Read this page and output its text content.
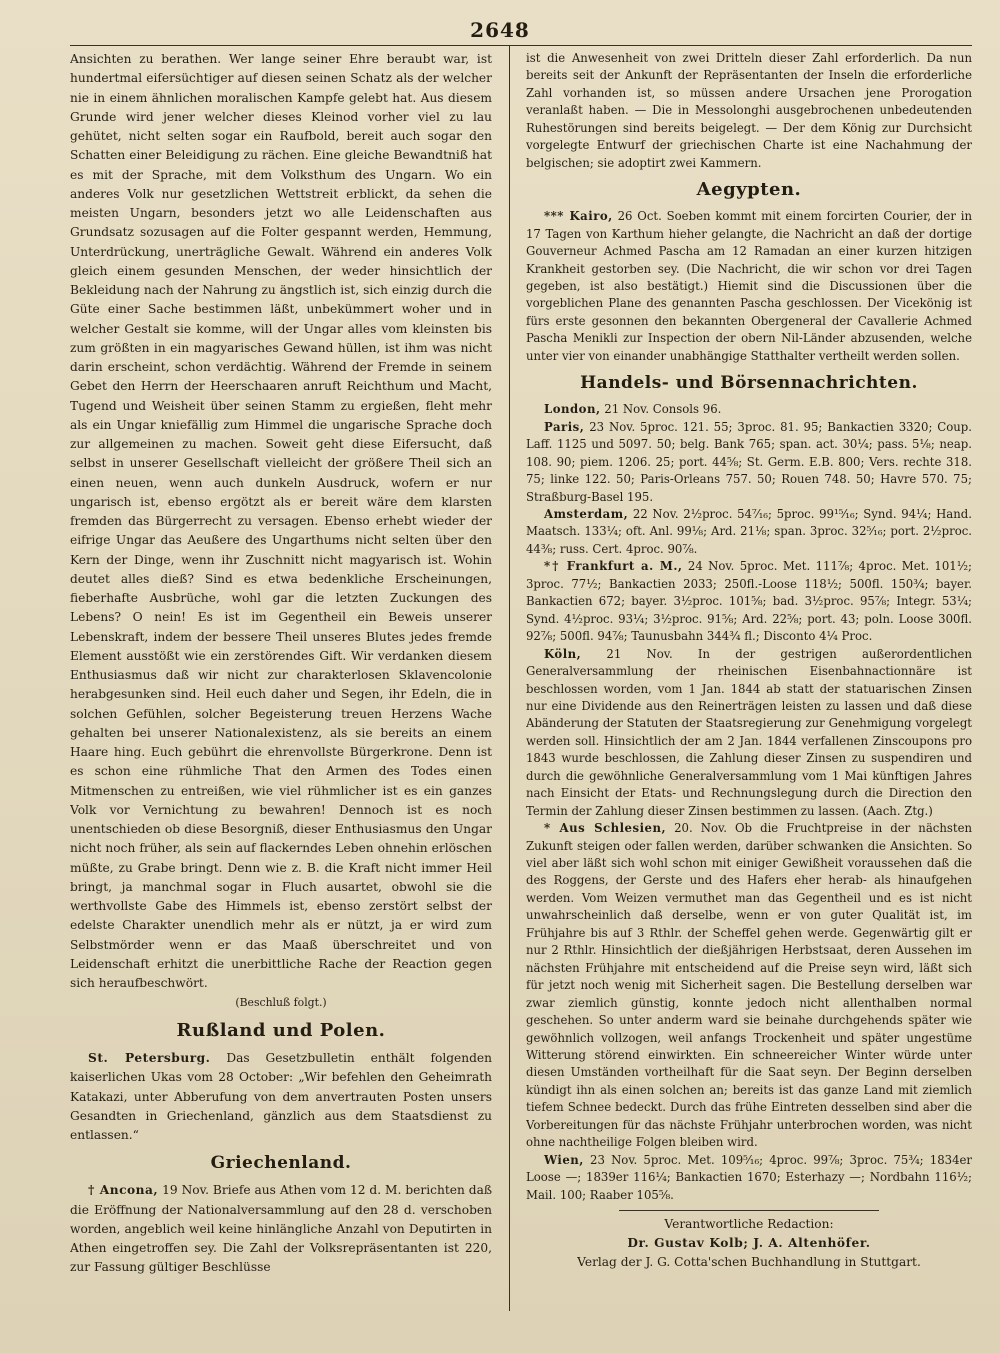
2648

Ansichten zu berathen. Wer lange seiner Ehre beraubt war, ist hundertmal eifersüchtiger auf diesen seinen Schatz als der welcher nie in einem ähnlichen moralischen Kampfe gelebt hat. Aus diesem Grunde wird jener welcher dieses Kleinod vorher viel zu lau gehütet, nicht selten sogar ein Raufbold, bereit auch sogar den Schatten einer Beleidigung zu rächen. Eine gleiche Bewandtniß hat es mit der Sprache, mit dem Volksthum des Ungarn. Wo ein anderes Volk nur gesetzlichen Wettstreit erblickt, da sehen die meisten Ungarn, besonders jetzt wo alle Leidenschaften aus Grundsatz sozusagen auf die Folter gespannt werden, Hemmung, Unterdrückung, unerträgliche Gewalt. Während ein anderes Volk gleich einem gesunden Menschen, der weder hinsichtlich der Bekleidung nach der Nahrung zu ängstlich ist, sich einzig durch die Güte einer Sache bestimmen läßt, unbekümmert woher und in welcher Gestalt sie komme, will der Ungar alles vom kleinsten bis zum größten in ein magyarisches Gewand hüllen, ist ihm was nicht darin erscheint, schon verdächtig. Während der Fremde in seinem Gebet den Herrn der Heerschaaren anruft Reichthum und Macht, Tugend und Weisheit über seinen Stamm zu ergießen, fleht mehr als ein Ungar kniefällig zum Himmel die ungarische Sprache doch zur allgemeinen zu machen. Soweit geht diese Eifersucht, daß selbst in unserer Gesellschaft vielleicht der größere Theil sich an einen neuen, wenn auch dunkeln Ausdruck, wofern er nur ungarisch ist, ebenso ergötzt als er bereit wäre dem klarsten fremden das Bürgerrecht zu versagen. Ebenso erhebt wieder der eifrige Ungar das Aeußere des Ungarthums nicht selten über den Kern der Dinge, wenn ihr Zuschnitt nicht magyarisch ist. Wohin deutet alles dieß? Sind es etwa bedenkliche Erscheinungen, fieberhafte Ausbrüche, wohl gar die letzten Zuckungen des Lebens? O nein! Es ist im Gegentheil ein Beweis unserer Lebenskraft, indem der bessere Theil unseres Blutes jedes fremde Element ausstößt wie ein zerstörendes Gift. Wir verdanken diesem Enthusiasmus daß wir nicht zur charakterlosen Sklavencolonie herabgesunken sind. Heil euch daher und Segen, ihr Edeln, die in solchen Gefühlen, solcher Begeisterung treuen Herzens Wache gehalten bei unserer Nationalexistenz, als sie bereits an einem Haare hing. Euch gebührt die ehrenvollste Bürgerkrone. Denn ist es schon eine rühmliche That den Armen des Todes einen Mitmenschen zu entreißen, wie viel rühmlicher ist es ein ganzes Volk vor Vernichtung zu bewahren! Dennoch ist es noch unentschieden ob diese Besorgniß, dieser Enthusiasmus den Ungar nicht noch früher, als sein auf flackerndes Leben ohnehin erlöschen müßte, zu Grabe bringt. Denn wie z. B. die Kraft nicht immer Heil bringt, ja manchmal sogar in Fluch ausartet, obwohl sie die werthvollste Gabe des Himmels ist, ebenso zerstört selbst der edelste Charakter unendlich mehr als er nützt, ja er wird zum Selbstmörder wenn er das Maaß überschreitet und von Leidenschaft erhitzt die unerbittliche Rache der Reaction gegen sich heraufbeschwört.

(Beschluß folgt.)

Rußland und Polen.

St. Petersburg. Das Gesetzbulletin enthält folgenden kaiserlichen Ukas vom 28 October: „Wir befehlen den Geheimrath Katakazi, unter Abberufung von dem anvertrauten Posten unsers Gesandten in Griechenland, gänzlich aus dem Staatsdienst zu entlassen.“

Griechenland.

† Ancona, 19 Nov. Briefe aus Athen vom 12 d. M. berichten daß die Eröffnung der Nationalversammlung auf den 28 d. verschoben worden, angeblich weil keine hinlängliche Anzahl von Deputirten in Athen eingetroffen sey. Die Zahl der Volksrepräsentanten ist 220, zur Fassung gültiger Beschlüsse

ist die Anwesenheit von zwei Dritteln dieser Zahl erforderlich. Da nun bereits seit der Ankunft der Repräsentanten der Inseln die erforderliche Zahl vorhanden ist, so müssen andere Ursachen jene Prorogation veranlaßt haben. — Die in Messolonghi ausgebrochenen unbedeutenden Ruhestörungen sind bereits beigelegt. — Der dem König zur Durchsicht vorgelegte Entwurf der griechischen Charte ist eine Nachahmung der belgischen; sie adoptirt zwei Kammern.

Aegypten.

*** Kairo, 26 Oct. Soeben kommt mit einem forcirten Courier, der in 17 Tagen von Karthum hieher gelangte, die Nachricht an daß der dortige Gouverneur Achmed Pascha am 12 Ramadan an einer kurzen hitzigen Krankheit gestorben sey. (Die Nachricht, die wir schon vor drei Tagen gegeben, ist also bestätigt.) Hiemit sind die Discussionen über die vorgeblichen Plane des genannten Pascha geschlossen. Der Vicekönig ist fürs erste gesonnen den bekannten Obergeneral der Cavallerie Achmed Pascha Menikli zur Inspection der obern Nil-Länder abzusenden, welche unter vier von einander unabhängige Statthalter vertheilt werden sollen.

Handels- und Börsennachrichten.

London, 21 Nov. Consols 96.

Paris, 23 Nov. 5proc. 121. 55; 3proc. 81. 95; Bankactien 3320; Coup. Laff. 1125 und 5097. 50; belg. Bank 765; span. act. 30¼; pass. 5⅛; neap. 108. 90; piem. 1206. 25; port. 44⅝; St. Germ. E.B. 800; Vers. rechte 318. 75; linke 122. 50; Paris-Orleans 757. 50; Rouen 748. 50; Havre 570. 75; Straßburg-Basel 195.

Amsterdam, 22 Nov. 2½proc. 54⁷⁄₁₆; 5proc. 99¹⁵⁄₁₆; Synd. 94¼; Hand. Maatsch. 133¼; oft. Anl. 99⅛; Ard. 21⅛; span. 3proc. 32⁵⁄₁₆; port. 2½proc. 44⅜; russ. Cert. 4proc. 90⅞.

*† Frankfurt a. M., 24 Nov. 5proc. Met. 111⅞; 4proc. Met. 101½; 3proc. 77½; Bankactien 2033; 250fl.-Loose 118½; 500fl. 150¾; bayer. Bankactien 672; bayer. 3½proc. 101⅝; bad. 3½proc. 95⅞; Integr. 53¼; Synd. 4½proc. 93¼; 3½proc. 91⅝; Ard. 22⅝; port. 43; poln. Loose 300fl. 92⅞; 500fl. 94⅞; Taunusbahn 344¾ fl.; Disconto 4¼ Proc.

Köln, 21 Nov. In der gestrigen außerordentlichen Generalversammlung der rheinischen Eisenbahnactionnäre ist beschlossen worden, vom 1 Jan. 1844 ab statt der statuarischen Zinsen nur eine Dividende aus den Reinerträgen leisten zu lassen und daß diese Abänderung der Statuten der Staatsregierung zur Genehmigung vorgelegt werden soll. Hinsichtlich der am 2 Jan. 1844 verfallenen Zinscoupons pro 1843 wurde beschlossen, die Zahlung dieser Zinsen zu suspendiren und durch die gewöhnliche Generalversammlung vom 1 Mai künftigen Jahres nach Einsicht der Etats- und Rechnungslegung durch die Direction den Termin der Zahlung dieser Zinsen bestimmen zu lassen. (Aach. Ztg.)

* Aus Schlesien, 20. Nov. Ob die Fruchtpreise in der nächsten Zukunft steigen oder fallen werden, darüber schwanken die Ansichten. So viel aber läßt sich wohl schon mit einiger Gewißheit voraussehen daß die des Roggens, der Gerste und des Hafers eher herab- als hinaufgehen werden. Vom Weizen vermuthet man das Gegentheil und es ist nicht unwahrscheinlich daß derselbe, wenn er von guter Qualität ist, im Frühjahre bis auf 3 Rthlr. der Scheffel gehen werde. Gegenwärtig gilt er nur 2 Rthlr. Hinsichtlich der dießjährigen Herbstsaat, deren Aussehen im nächsten Frühjahre mit entscheidend auf die Preise seyn wird, läßt sich für jetzt noch wenig mit Sicherheit sagen. Die Bestellung derselben war zwar ziemlich günstig, konnte jedoch nicht allenthalben normal geschehen. So unter anderm ward sie beinahe durchgehends später wie gewöhnlich vollzogen, weil anfangs Trockenheit und später ungestüme Witterung störend einwirkten. Ein schneereicher Winter würde unter diesen Umständen vortheilhaft für die Saat seyn. Der Beginn derselben kündigt ihn als einen solchen an; bereits ist das ganze Land mit ziemlich tiefem Schnee bedeckt. Durch das frühe Eintreten desselben sind aber die Vorbereitungen für das nächste Frühjahr unterbrochen worden, was nicht ohne nachtheilige Folgen bleiben wird.

Wien, 23 Nov. 5proc. Met. 109⁵⁄₁₆; 4proc. 99⅞; 3proc. 75¾; 1834er Loose —; 1839er 116¼; Bankactien 1670; Esterhazy —; Nordbahn 116½; Mail. 100; Raaber 105⅝.

Verantwortliche Redaction:

Dr. Gustav Kolb; J. A. Altenhöfer.

Verlag der J. G. Cotta'schen Buchhandlung in Stuttgart.
